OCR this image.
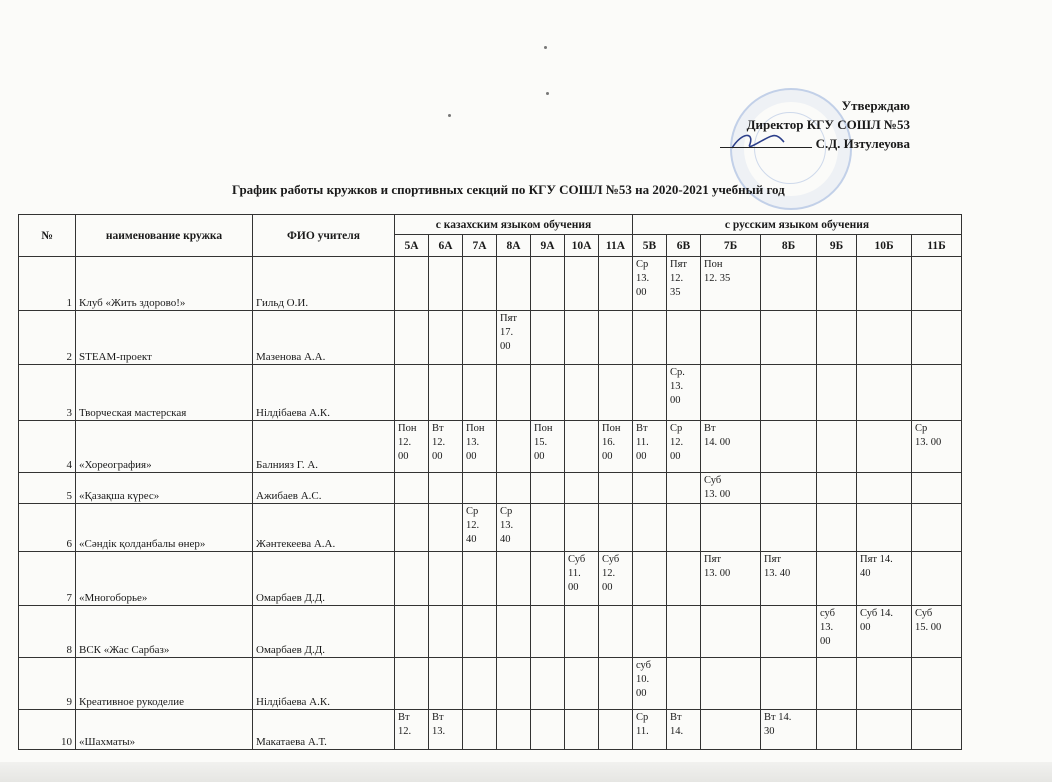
Утверждаю
Директор КГУ СОШЛ №53
С.Д. Изтулеуова
График работы кружков и спортивных секций по КГУ СОШЛ №53 на 2020-2021 учебный год
№	наименование кружка	ФИО учителя	с казахским языком обучения							с русским языком обучения						
			5А	6А	7А	8А	9А	10А	11А	5В	6В	7Б	8Б	9Б	10Б	11Б
1	Клуб «Жить здорово!»	Гильд О.И.								Ср
13.
00	Пят
12.
35	Пон
12. 35				
2	STEAM-проект	Мазенова А.А.				Пят
17.
00										
3	Творческая мастерская	Нілдібаева А.К.									Ср.
13.
00					
4	«Хореография»	Балнияз Г. А.	Пон
12.
00	Вт
12.
00	Пон
13.
00		Пон
15.
00		Пон
16.
00	Вт
11.
00	Ср
12.
00	Вт
14. 00				Ср
13. 00
5	«Қазақша күрес»	Ажибаев А.С.										Суб
13. 00				
6	«Сәндік қолданбалы өнер»	Жәнтекеева А.А.			Ср
12.
40	Ср
13.
40										
7	«Многоборье»	Омарбаев Д.Д.						Суб
11.
00	Суб
12.
00			Пят
13. 00	Пят
13. 40		Пят 14.
40	
8	ВСК «Жас Сарбаз»	Омарбаев Д.Д.												суб
13.
00	Суб 14.
00	Суб
15. 00
9	Креативное рукоделие	Нілдібаева А.К.								суб
10.
00						
10	«Шахматы»	Макатаева А.Т.	Вт
12.	Вт
13.						Ср
11.	Вт
14.		Вт 14.
30			
